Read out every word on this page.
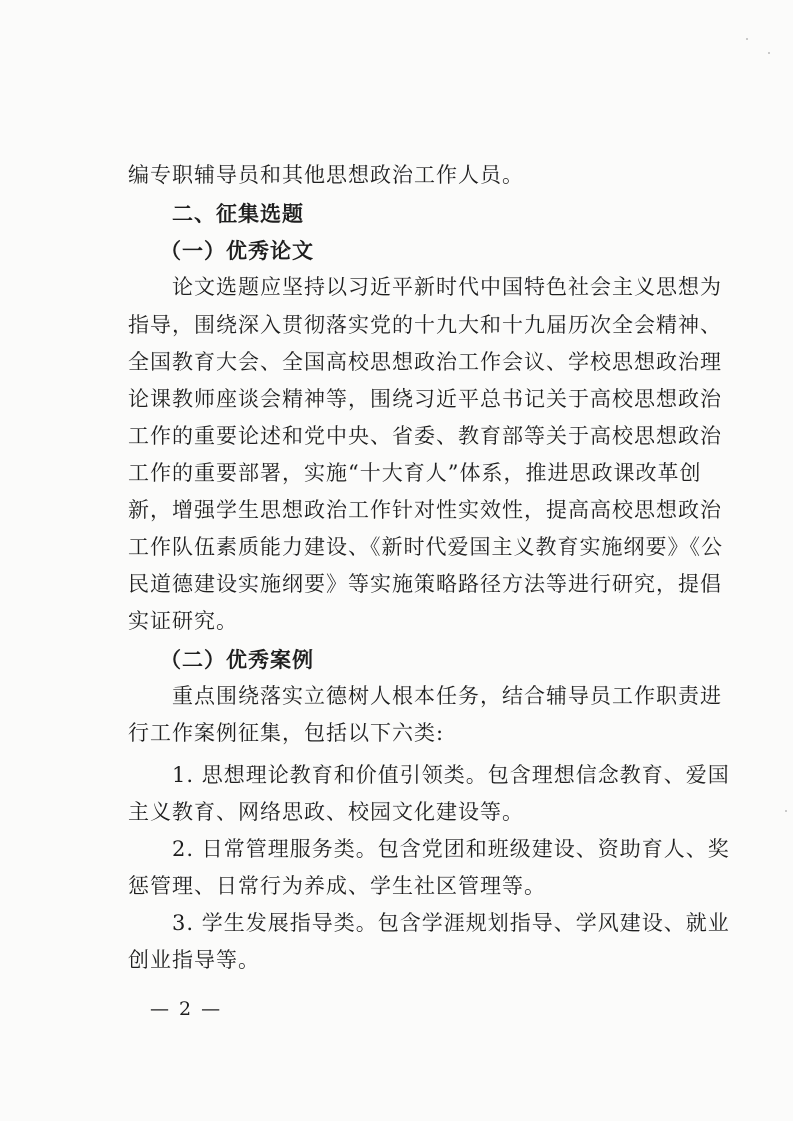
编专职辅导员和其他思想政治工作人员。
二、征集选题
（一）优秀论文
论文选题应坚持以习近平新时代中国特色社会主义思想为
指导，围绕深入贯彻落实党的十九大和十九届历次全会精神、
全国教育大会、全国高校思想政治工作会议、学校思想政治理
论课教师座谈会精神等，围绕习近平总书记关于高校思想政治
工作的重要论述和党中央、省委、教育部等关于高校思想政治
工作的重要部署，实施“十大育人”体系，推进思政课改革创
新，增强学生思想政治工作针对性实效性，提高高校思想政治
工作队伍素质能力建设、《新时代爱国主义教育实施纲要》《公
民道德建设实施纲要》等实施策略路径方法等进行研究，提倡
实证研究。
（二）优秀案例
重点围绕落实立德树人根本任务，结合辅导员工作职责进
行工作案例征集，包括以下六类:
1. 思想理论教育和价值引领类。包含理想信念教育、爱国
主义教育、网络思政、校园文化建设等。
2. 日常管理服务类。包含党团和班级建设、资助育人、奖
惩管理、日常行为养成、学生社区管理等。
3. 学生发展指导类。包含学涯规划指导、学风建设、就业
创业指导等。
— 2 —
